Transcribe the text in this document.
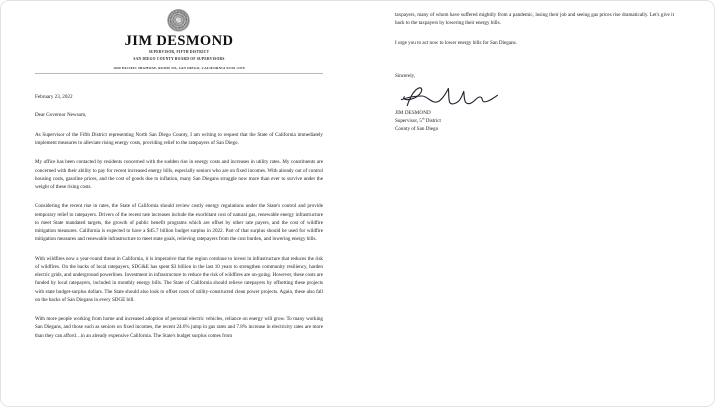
JIM DESMOND
SUPERVISOR, FIFTH DISTRICT
SAN DIEGO COUNTY BOARD OF SUPERVISORS
1600 PACIFIC HIGHWAY, ROOM 335, SAN DIEGO, CALIFORNIA 92101-2470
February 23, 2022
Dear Governor Newsom,

As Supervisor of the Fifth District representing North San Diego County, I am writing to request that the State of California immediately implement measures to alleviate rising energy costs, providing relief to the ratepayers of San Diego.

My office has been contacted by residents concerned with the sudden rise in energy costs and increases in utility rates. My constituents are concerned with their ability to pay for recent increased energy bills, especially seniors who are on fixed incomes. With already out of control housing costs, gasoline prices, and the cost of goods due to inflation, many San Diegans struggle now more than ever to survive under the weight of these rising costs.

Considering the recent rise in rates, the State of California should review costly energy regulations under the State's control and provide temporary relief to ratepayers. Drivers of the recent rate increases include the exorbitant cost of natural gas, renewable energy infrastructure to meet State mandated targets, the growth of public benefit programs which are offset by other rate payers, and the cost of wildfire mitigation measures. California is expected to have a $45.7 billion budget surplus in 2022. Part of that surplus should be used for wildfire mitigation measures and renewable infrastructure to meet state goals, relieving ratepayers from the cost burden, and lowering energy bills.

With wildfires now a year-round threat in California, it is imperative that the region continue to invest in infrastructure that reduces the risk of wildfires. On the backs of local ratepayers, SDG&E has spent $3 billion in the last 10 years to strengthen community resiliency, harden electric grids, and underground powerlines. Investment in infrastructure to reduce the risk of wildfires are on-going. However, these costs are funded by local ratepayers, included in monthly energy bills. The State of California should relieve ratepayers by offsetting these projects with state budget-surplus dollars. The State should also look to offset costs of utility-constructed clean power projects. Again, these also fall on the backs of San Diegans in every SDGE bill.

With more people working from home and increased adoption of personal electric vehicles, reliance on energy will grow. To many working San Diegans, and those such as seniors on fixed incomes, the recent 24.6% jump in gas rates and 7.8% increase in electricity rates are more than they can afford…in an already expensive California. The State's budget surplus comes from

taxpayers, many of whom have suffered mightily from a pandemic, losing their job and seeing gas prices rise dramatically. Let's give it back to the taxpayers by lowering their energy bills.

I urge you to act now to lower energy bills for San Diegans.

Sincerely,
JIM DESMOND
Supervisor, 5th District
County of San Diego
